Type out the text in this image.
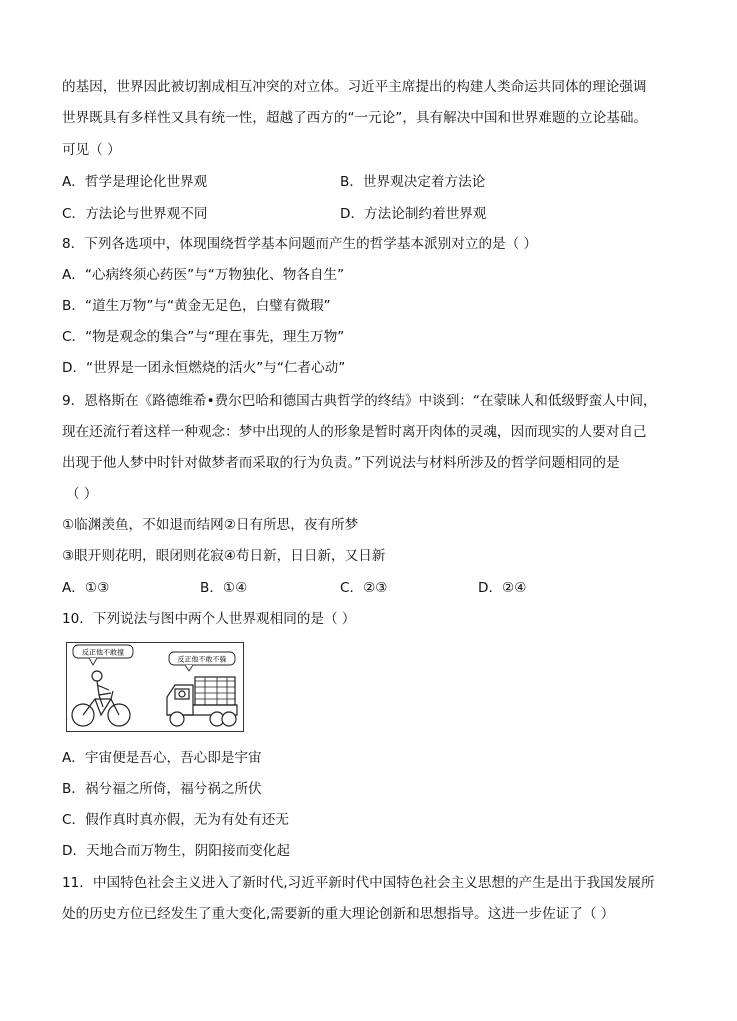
的基因，世界因此被切割成相互冲突的对立体。习近平主席提出的构建人类命运共同体的理论强调
世界既具有多样性又具有统一性，超越了西方的“一元论”，具有解决中国和世界难题的立论基础。
可见（ ）
A．哲学是理论化世界观	B．世界观决定着方法论
C．方法论与世界观不同	D．方法论制约着世界观
8．下列各选项中，体现围绕哲学基本问题而产生的哲学基本派别对立的是（ ）
A．“心病终须心药医”与“万物独化、物各自生”
B．“道生万物”与“黄金无足色，白璧有微瑕”
C．“物是观念的集合”与“理在事先，理生万物”
D．“世界是一团永恒燃烧的活火”与“仁者心动”
9．恩格斯在《路德维希•费尔巴哈和德国古典哲学的终结》中谈到：“在蒙昧人和低级野蛮人中间，
现在还流行着这样一种观念：梦中出现的人的形象是暂时离开肉体的灵魂，因而现实的人要对自己
出现于他人梦中时针对做梦者而采取的行为负责。”下列说法与材料所涉及的哲学问题相同的是
（ ）
①临渊羡鱼，不如退而结网②日有所思，夜有所梦
③眼开则花明，眼闭则花寂④苟日新，日日新，又日新
A．①③	B．①④	C．②③	D．②④
10．下列说法与图中两个人世界观相同的是（ ）
反正他不敢撞
反正他不敢不躲
A．宇宙便是吾心，吾心即是宇宙
B．祸兮福之所倚，福兮祸之所伏
C．假作真时真亦假，无为有处有还无
D．天地合而万物生，阴阳接而变化起
11．中国特色社会主义进入了新时代,习近平新时代中国特色社会主义思想的产生是出于我国发展所
处的历史方位已经发生了重大变化,需要新的重大理论创新和思想指导。这进一步佐证了（ ）
